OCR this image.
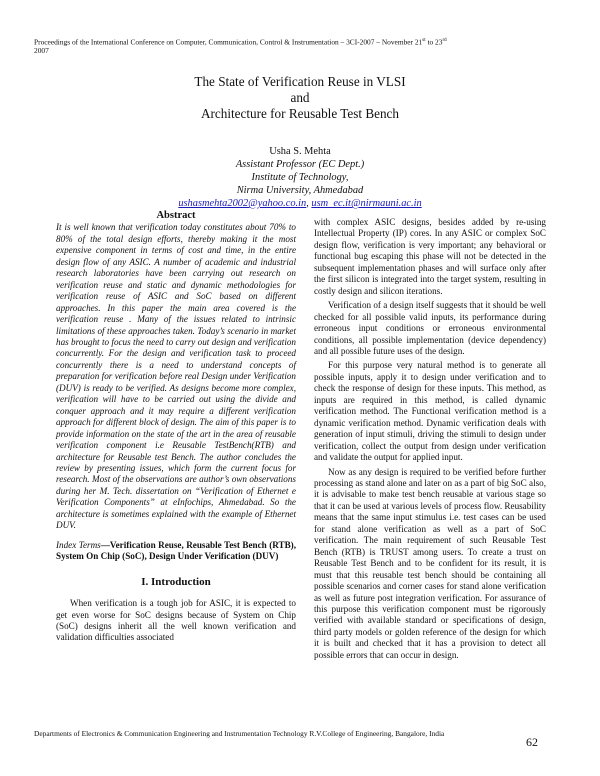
Proceedings of the International Conference on Computer, Communication, Control & Instrumentation – 3CI-2007 – November 21st to 23rd
2007
The State of Verification Reuse in VLSI
and
Architecture for Reusable Test Bench
Usha S. Mehta
Assistant Professor (EC Dept.)
Institute of Technology,
Nirma University, Ahmedabad
ushasmehta2002@yahoo.co.in, usm_ec.it@nirmauni.ac.in
Abstract

It is well known that verification today constitutes about 70% to 80% of the total design efforts, thereby making it the most expensive component in terms of cost and time, in the entire design flow of any ASIC. A number of academic and industrial research laboratories have been carrying out research on verification reuse and static and dynamic methodologies for verification reuse of ASIC and SoC based on different approaches. In this paper the main area covered is the verification reuse . Many of the issues related to intrinsic limitations of these approaches taken. Today’s scenario in market has brought to focus the need to carry out design and verification concurrently. For the design and verification task to proceed concurrently there is a need to understand concepts of preparation for verification before real Design under Verification (DUV) is ready to be verified. As designs become more complex, verification will have to be carried out using the divide and conquer approach and it may require a different verification approach for different block of design. The aim of this paper is to provide information on the state of the art in the area of reusable verification component i.e Reusable TestBench(RTB) and architecture for Reusable test Bench. The author concludes the review by presenting issues, which form the current focus for research. Most of the observations are author’s own observations during her M. Tech. dissertation on “Verification of Ethernet e Verification Components” at eInfochips, Ahmedabad. So the architecture is sometimes explained with the example of Ethernet DUV.

Index Terms—Verification Reuse, Reusable Test Bench (RTB), System On Chip (SoC), Design Under Verification (DUV)

I. Introduction

When verification is a tough job for ASIC, it is expected to get even worse for SoC designs because of System on Chip (SoC) designs inherit all the well known verification and validation difficulties associated

with complex ASIC designs, besides added by re-using Intellectual Property (IP) cores. In any ASIC or complex SoC design flow, verification is very important; any behavioral or functional bug escaping this phase will not be detected in the subsequent implementation phases and will surface only after the first silicon is integrated into the target system, resulting in costly design and silicon iterations.

Verification of a design itself suggests that it should be well checked for all possible valid inputs, its performance during erroneous input conditions or erroneous environmental conditions, all possible implementation (device dependency) and all possible future uses of the design.

For this purpose very natural method is to generate all possible inputs, apply it to design under verification and to check the response of design for these inputs. This method, as inputs are required in this method, is called dynamic verification method. The Functional verification method is a dynamic verification method. Dynamic verification deals with generation of input stimuli, driving the stimuli to design under verification, collect the output from design under verification and validate the output for applied input.

Now as any design is required to be verified before further processing as stand alone and later on as a part of big SoC also, it is advisable to make test bench reusable at various stage so that it can be used at various levels of process flow. Reusability means that the same input stimulus i.e. test cases can be used for stand alone verification as well as a part of SoC verification. The main requirement of such Reusable Test Bench (RTB) is TRUST among users. To create a trust on Reusable Test Bench and to be confident for its result, it is must that this reusable test bench should be containing all possible scenarios and corner cases for stand alone verification as well as future post integration verification. For assurance of this purpose this verification component must be rigorously verified with available standard or specifications of design, third party models or golden reference of the design for which it is built and checked that it has a provision to detect all possible errors that can occur in design.

Departments of Electronics & Communication Engineering and Instrumentation Technology R.V.College of Engineering, Bangalore, India
62
